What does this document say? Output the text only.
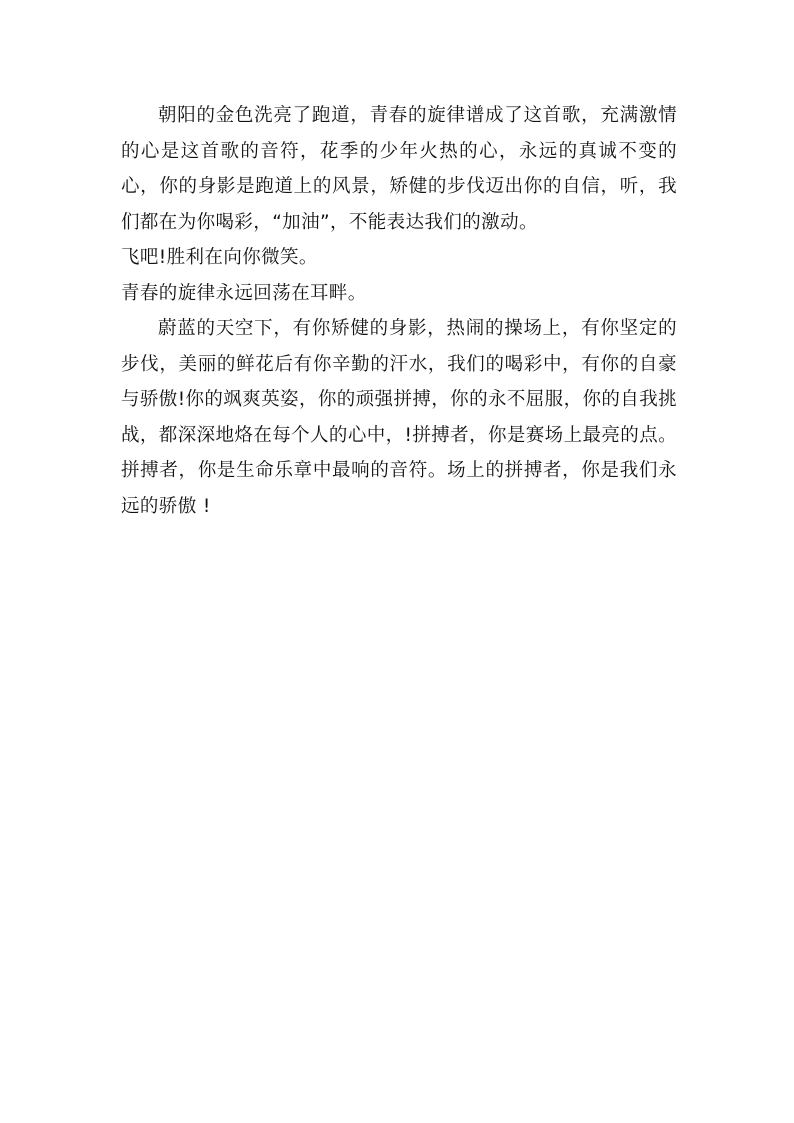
朝阳的金色洗亮了跑道，青春的旋律谱成了这首歌，充满激情的心是这首歌的音符，花季的少年火热的心，永远的真诚不变的心，你的身影是跑道上的风景，矫健的步伐迈出你的自信，听，我们都在为你喝彩，“加油”，不能表达我们的激动。

飞吧!胜利在向你微笑。

青春的旋律永远回荡在耳畔。

蔚蓝的天空下，有你矫健的身影，热闹的操场上，有你坚定的步伐，美丽的鲜花后有你辛勤的汗水，我们的喝彩中，有你的自豪与骄傲!你的飒爽英姿，你的顽强拼搏，你的永不屈服，你的自我挑战，都深深地烙在每个人的心中，!拼搏者，你是赛场上最亮的点。拼搏者，你是生命乐章中最响的音符。场上的拼搏者，你是我们永远的骄傲 !
